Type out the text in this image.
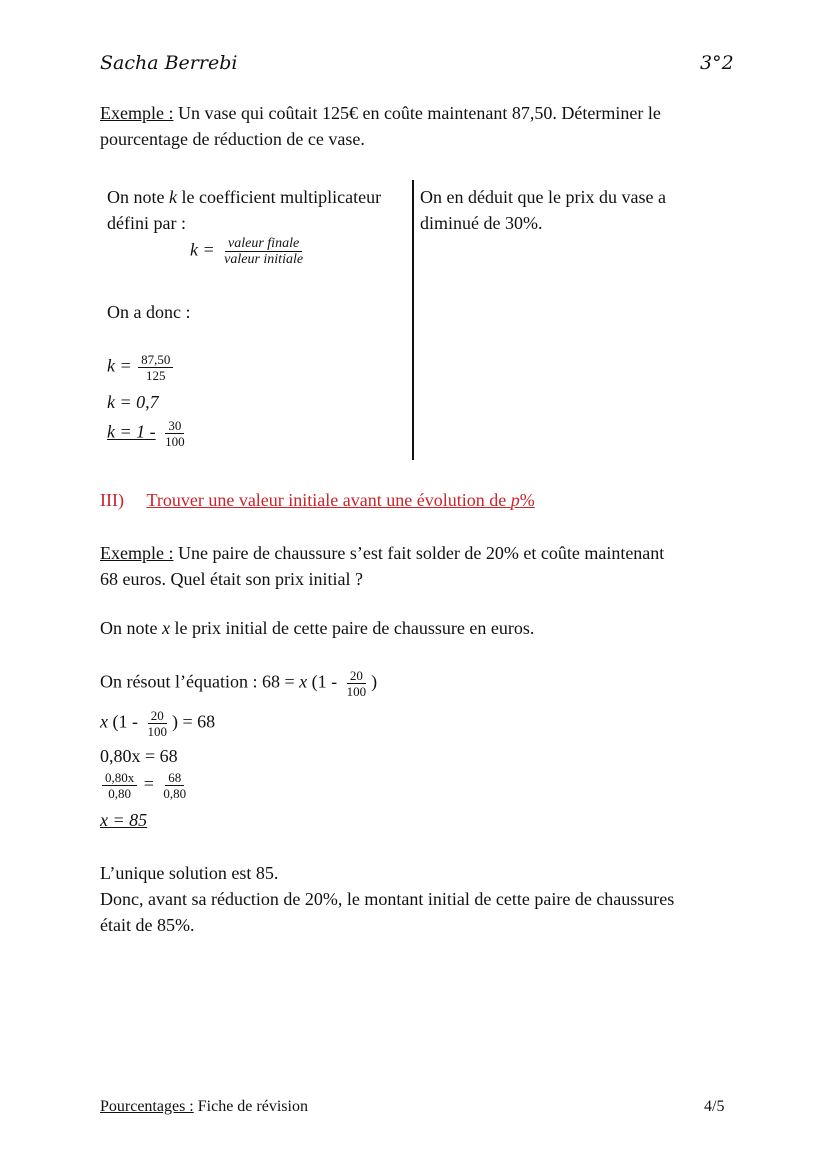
Sacha Berrebi	3°2
Exemple : Un vase qui coûtait 125€ en coûte maintenant 87,50. Déterminer le
pourcentage de réduction de ce vase.
On note k le coefficient multiplicateur
défini par :
$k = \frac{\text{valeur finale}}{\text{valeur initiale}}$
On a donc :
$k = \frac{87,50}{125}$
k = 0,7
$k = 1 - \frac{30}{100}$
On en déduit que le prix du vase a
diminué de 30%.
III) Trouver une valeur initiale avant une évolution de p%
Exemple : Une paire de chaussure s’est fait solder de 20% et coûte maintenant
68 euros. Quel était son prix initial ?
On note x le prix initial de cette paire de chaussure en euros.
On résout l’équation : 68 = x ($1 - \frac{20}{100}$ )
x ($1 - \frac{20}{100}$ ) = 68
0,80x = 68
$\frac{0,80x}{0,80} = \frac{68}{0,80}$
x = 85
L’unique solution est 85.
Donc, avant sa réduction de 20%, le montant initial de cette paire de chaussures
était de 85%.
Pourcentages : Fiche de révision	4/5
